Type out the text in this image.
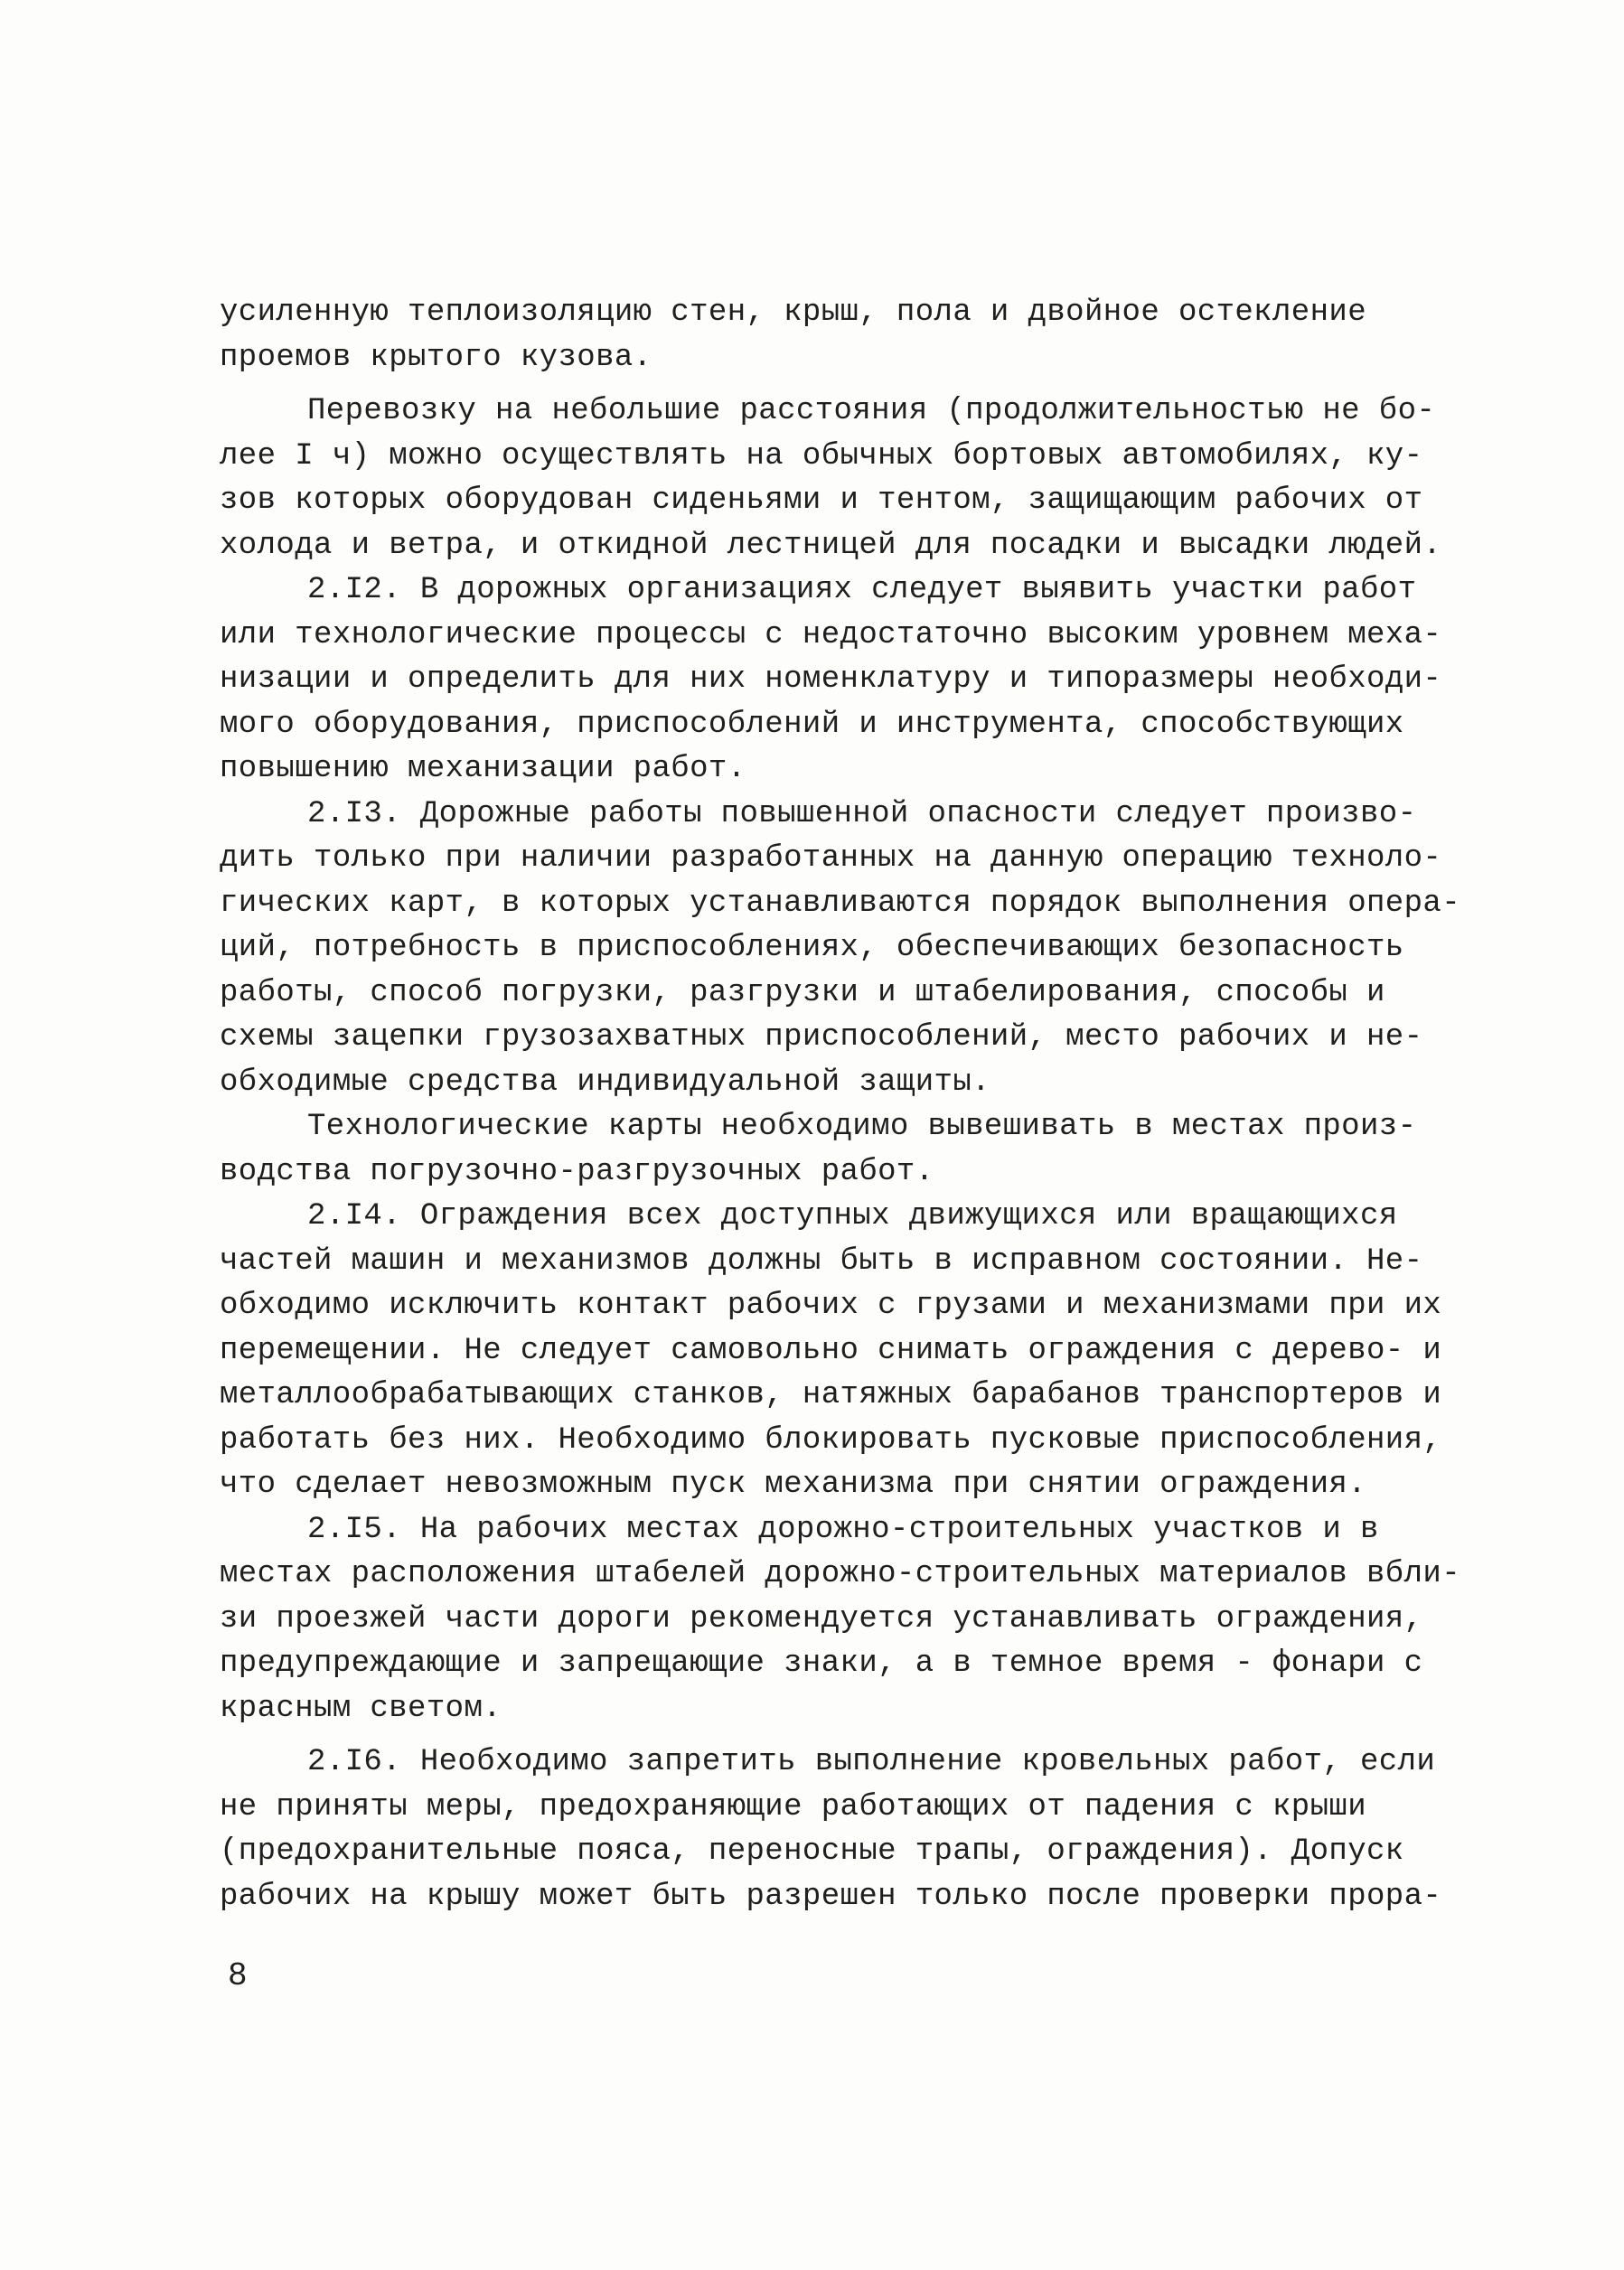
усиленную теплоизоляцию стен, крыш, пола и двойное остекление
проемов крытого кузова.
Перевозку на небольшие расстояния (продолжительностью не бо-
лее I ч) можно осуществлять на обычных бортовых автомобилях, ку-
зов которых оборудован сиденьями и тентом, защищающим рабочих от
холода и ветра, и откидной лестницей для посадки и высадки людей.
2.I2. В дорожных организациях следует выявить участки работ
или технологические процессы с недостаточно высоким уровнем меха-
низации и определить для них номенклатуру и типоразмеры необходи-
мого оборудования, приспособлений и инструмента, способствующих
повышению механизации работ.
2.I3. Дорожные работы повышенной опасности следует произво-
дить только при наличии разработанных на данную операцию техноло-
гических карт, в которых устанавливаются порядок выполнения опера-
ций, потребность в приспособлениях, обеспечивающих безопасность
работы, способ погрузки, разгрузки и штабелирования, способы и
схемы зацепки грузозахватных приспособлений, место рабочих и не-
обходимые средства индивидуальной защиты.
Технологические карты необходимо вывешивать в местах произ-
водства погрузочно-разгрузочных работ.
2.I4. Ограждения всех доступных движущихся или вращающихся
частей машин и механизмов должны быть в исправном состоянии. Не-
обходимо исключить контакт рабочих с грузами и механизмами при их
перемещении. Не следует самовольно снимать ограждения с дерево- и
металлообрабатывающих станков, натяжных барабанов транспортеров и
работать без них. Необходимо блокировать пусковые приспособления,
что сделает невозможным пуск механизма при снятии ограждения.
2.I5. На рабочих местах дорожно-строительных участков и в
местах расположения штабелей дорожно-строительных материалов вбли-
зи проезжей части дороги рекомендуется устанавливать ограждения,
предупреждающие и запрещающие знаки, а в темное время - фонари с
красным светом.
2.I6. Необходимо запретить выполнение кровельных работ, если
не приняты меры, предохраняющие работающих от падения с крыши
(предохранительные пояса, переносные трапы, ограждения). Допуск
рабочих на крышу может быть разрешен только после проверки прора-
8
